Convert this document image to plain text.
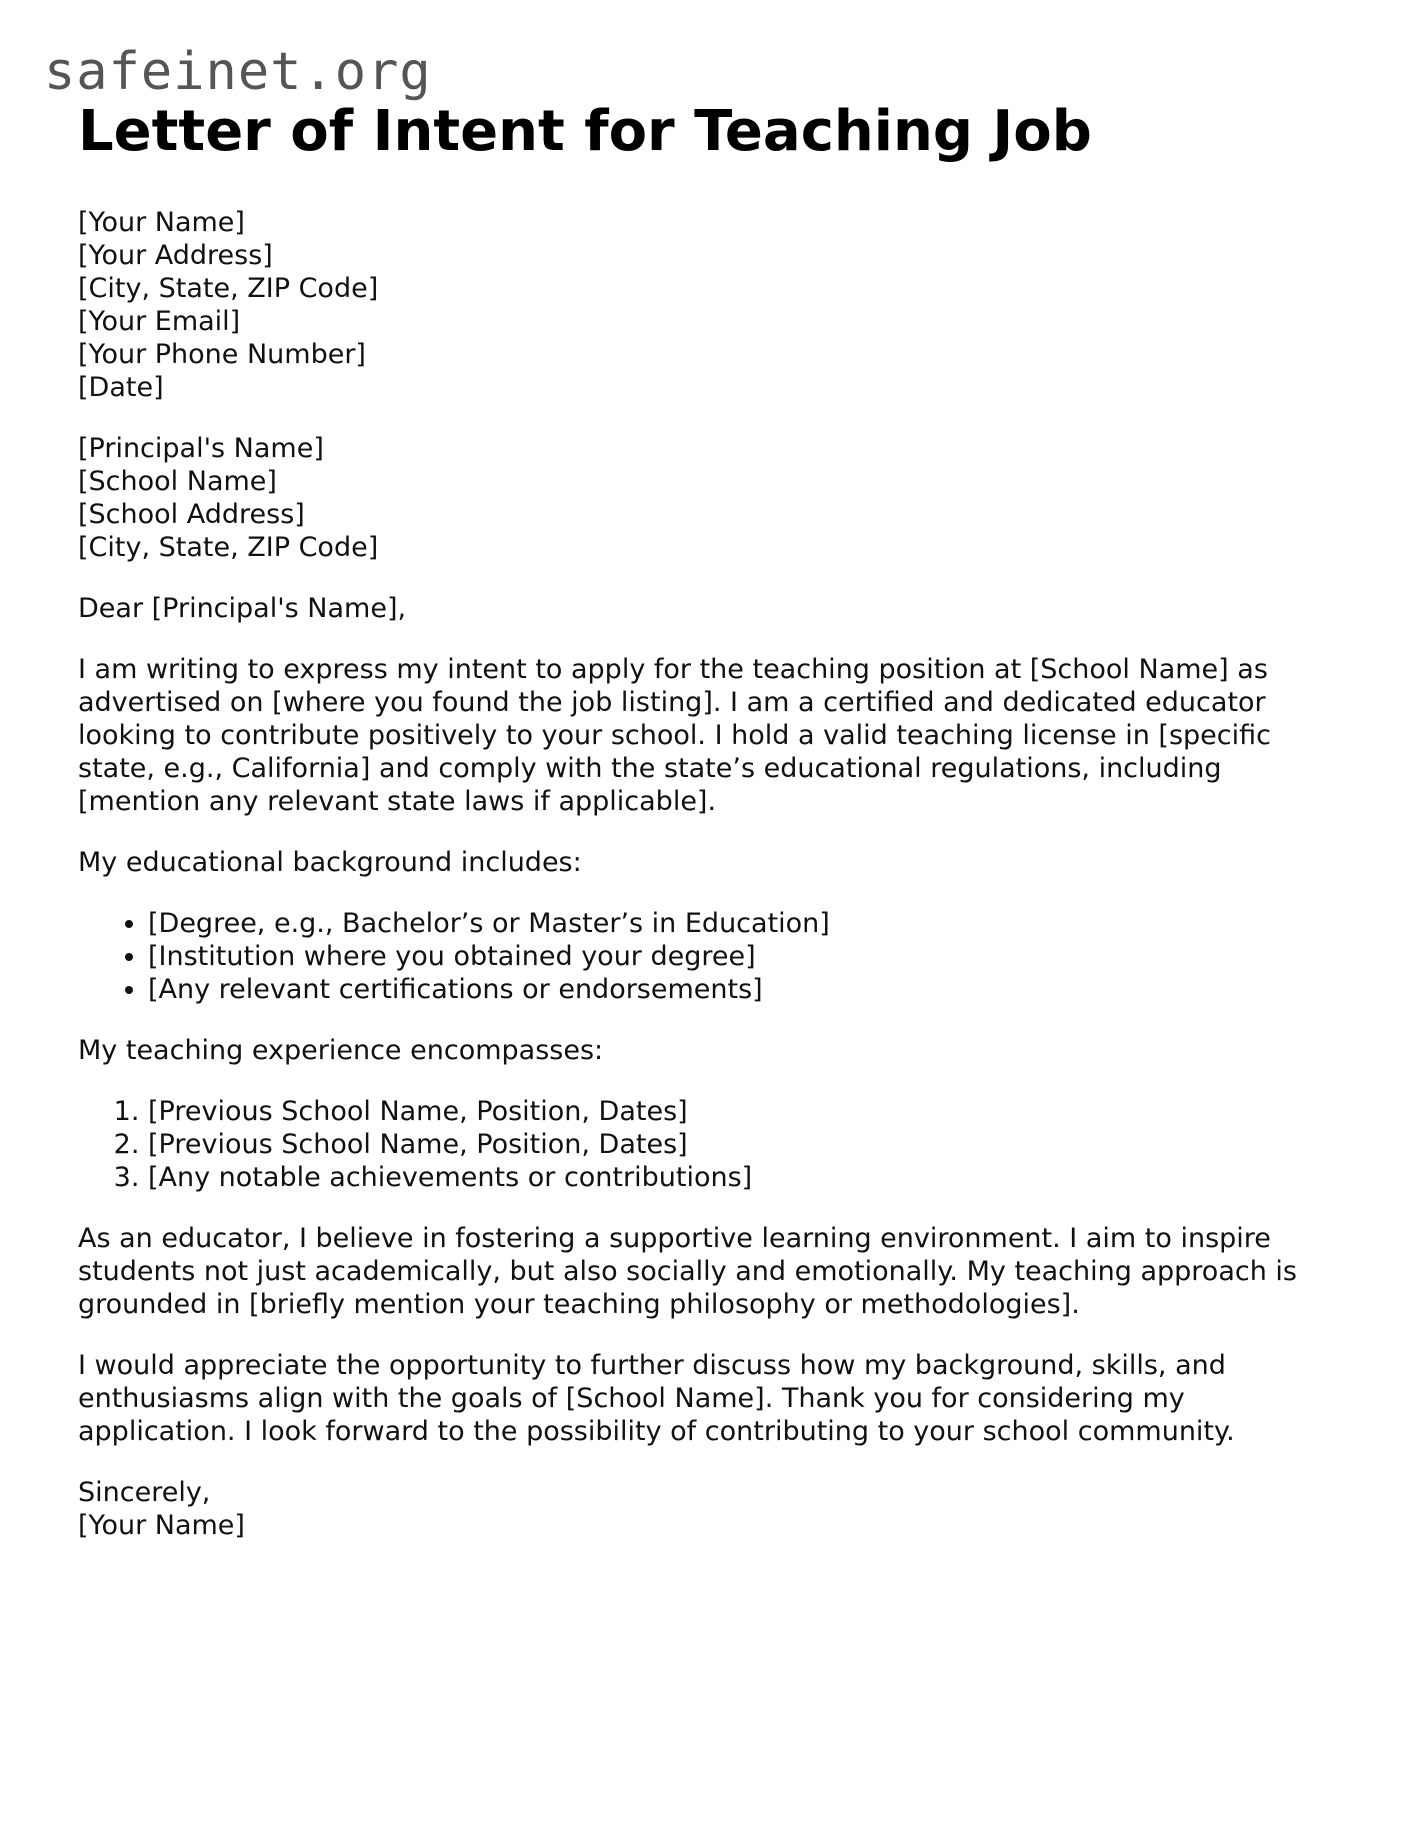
safeinet.org
Letter of Intent for Teaching Job

[Your Name]

[Your Address]

[City, State, ZIP Code]

[Your Email]

[Your Phone Number]

[Date]

[Principal's Name]

[School Name]

[School Address]

[City, State, ZIP Code]

Dear [Principal's Name],

I am writing to express my intent to apply for the teaching position at [School Name] as advertised on [where you found the job listing]. I am a certified and dedicated educator looking to contribute positively to your school. I hold a valid teaching license in [specific state, e.g., California] and comply with the state’s educational regulations, including [mention any relevant state laws if applicable].

My educational background includes:

• [Degree, e.g., Bachelor’s or Master’s in Education]
• [Institution where you obtained your degree]
• [Any relevant certifications or endorsements]

My teaching experience encompasses:

1. [Previous School Name, Position, Dates]
2. [Previous School Name, Position, Dates]
3. [Any notable achievements or contributions]

As an educator, I believe in fostering a supportive learning environment. I aim to inspire students not just academically, but also socially and emotionally. My teaching approach is grounded in [briefly mention your teaching philosophy or methodologies].

I would appreciate the opportunity to further discuss how my background, skills, and enthusiasms align with the goals of [School Name]. Thank you for considering my application. I look forward to the possibility of contributing to your school community.

Sincerely,

[Your Name]
